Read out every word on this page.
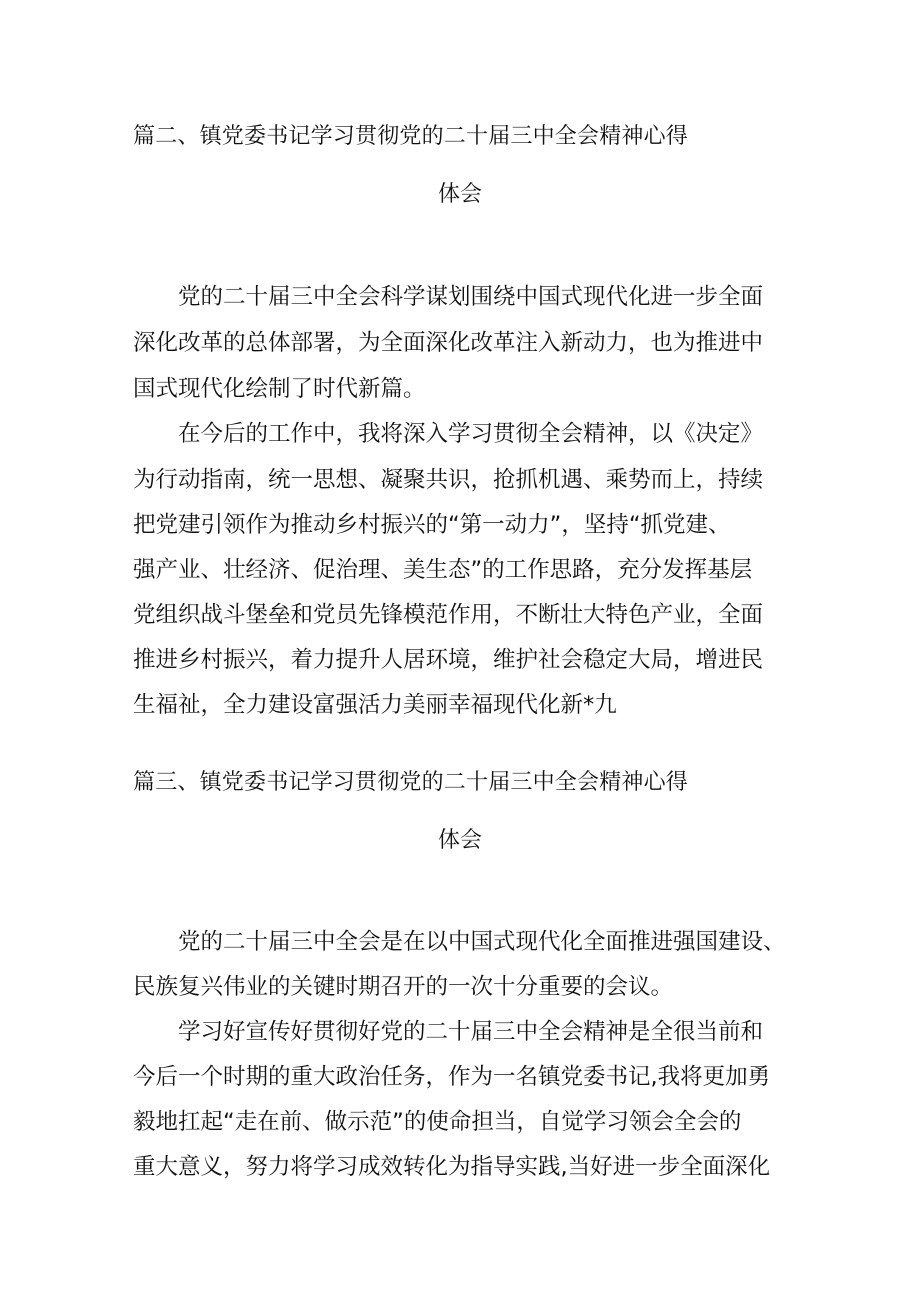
篇二、镇党委书记学习贯彻党的二十届三中全会精神心得
体会
党的二十届三中全会科学谋划围绕中国式现代化进一步全面
深化改革的总体部署，为全面深化改革注入新动力，也为推进中
国式现代化绘制了时代新篇。
在今后的工作中，我将深入学习贯彻全会精神，以《决定》
为行动指南，统一思想、凝聚共识，抢抓机遇、乘势而上，持续
把党建引领作为推动乡村振兴的“第一动力”，坚持“抓党建、
强产业、壮经济、促治理、美生态”的工作思路，充分发挥基层
党组织战斗堡垒和党员先锋模范作用，不断壮大特色产业，全面
推进乡村振兴，着力提升人居环境，维护社会稳定大局，增进民
生福祉，全力建设富强活力美丽幸福现代化新*九
篇三、镇党委书记学习贯彻党的二十届三中全会精神心得
体会
党的二十届三中全会是在以中国式现代化全面推进强国建设、
民族复兴伟业的关键时期召开的一次十分重要的会议。
学习好宣传好贯彻好党的二十届三中全会精神是全很当前和
今后一个时期的重大政治任务，作为一名镇党委书记,我将更加勇
毅地扛起“走在前、做示范”的使命担当，自觉学习领会全会的
重大意义，努力将学习成效转化为指导实践,当好进一步全面深化
